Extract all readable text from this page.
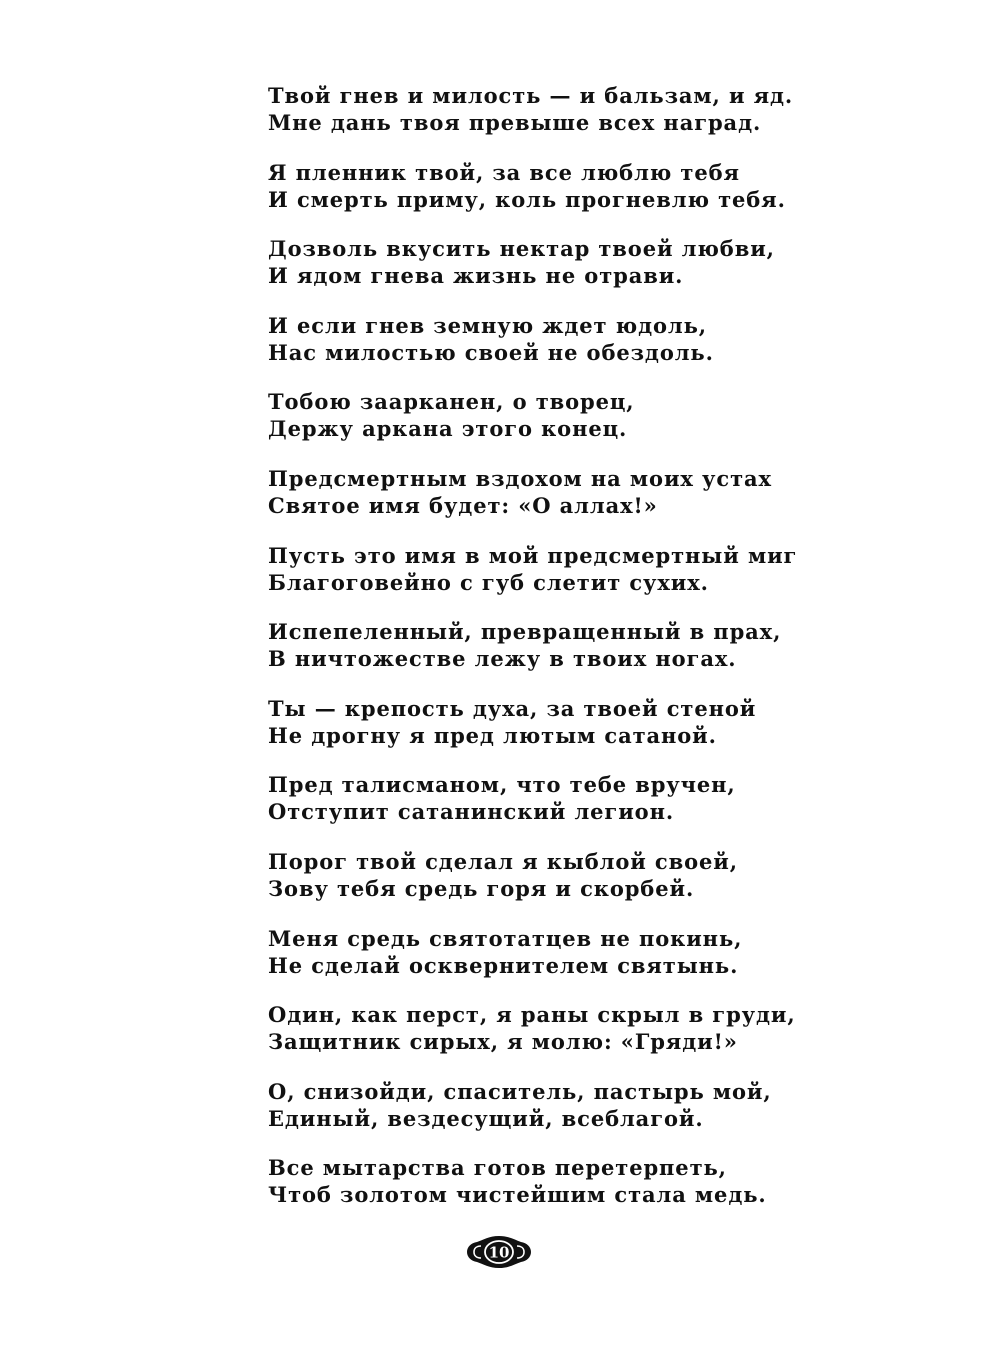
Твой гнев и милость — и бальзам, и яд.
Мне дань твоя превыше всех наград.
Я пленник твой, за все люблю тебя
И смерть приму, коль прогневлю тебя.
Дозволь вкусить нектар твоей любви,
И ядом гнева жизнь не отрави.
И если гнев земную ждет юдоль,
Нас милостью своей не обездоль.
Тобою заарканен, о творец,
Держу аркана этого конец.
Предсмертным вздохом на моих устах
Святое имя будет: «О аллах!»
Пусть это имя в мой предсмертный миг
Благоговейно с губ слетит сухих.
Испепеленный, превращенный в прах,
В ничтожестве лежу в твоих ногах.
Ты — крепость духа, за твоей стеной
Не дрогну я пред лютым сатаной.
Пред талисманом, что тебе вручен,
Отступит сатанинский легион.
Порог твой сделал я кыблой своей,
Зову тебя средь горя и скорбей.
Меня средь святотатцев не покинь,
Не сделай осквернителем святынь.
Один, как перст, я раны скрыл в груди,
Защитник сирых, я молю: «Гряди!»
О, снизойди, спаситель, пастырь мой,
Единый, вездесущий, всеблагой.
Все мытарства готов перетерпеть,
Чтоб золотом чистейшим стала медь.
10
